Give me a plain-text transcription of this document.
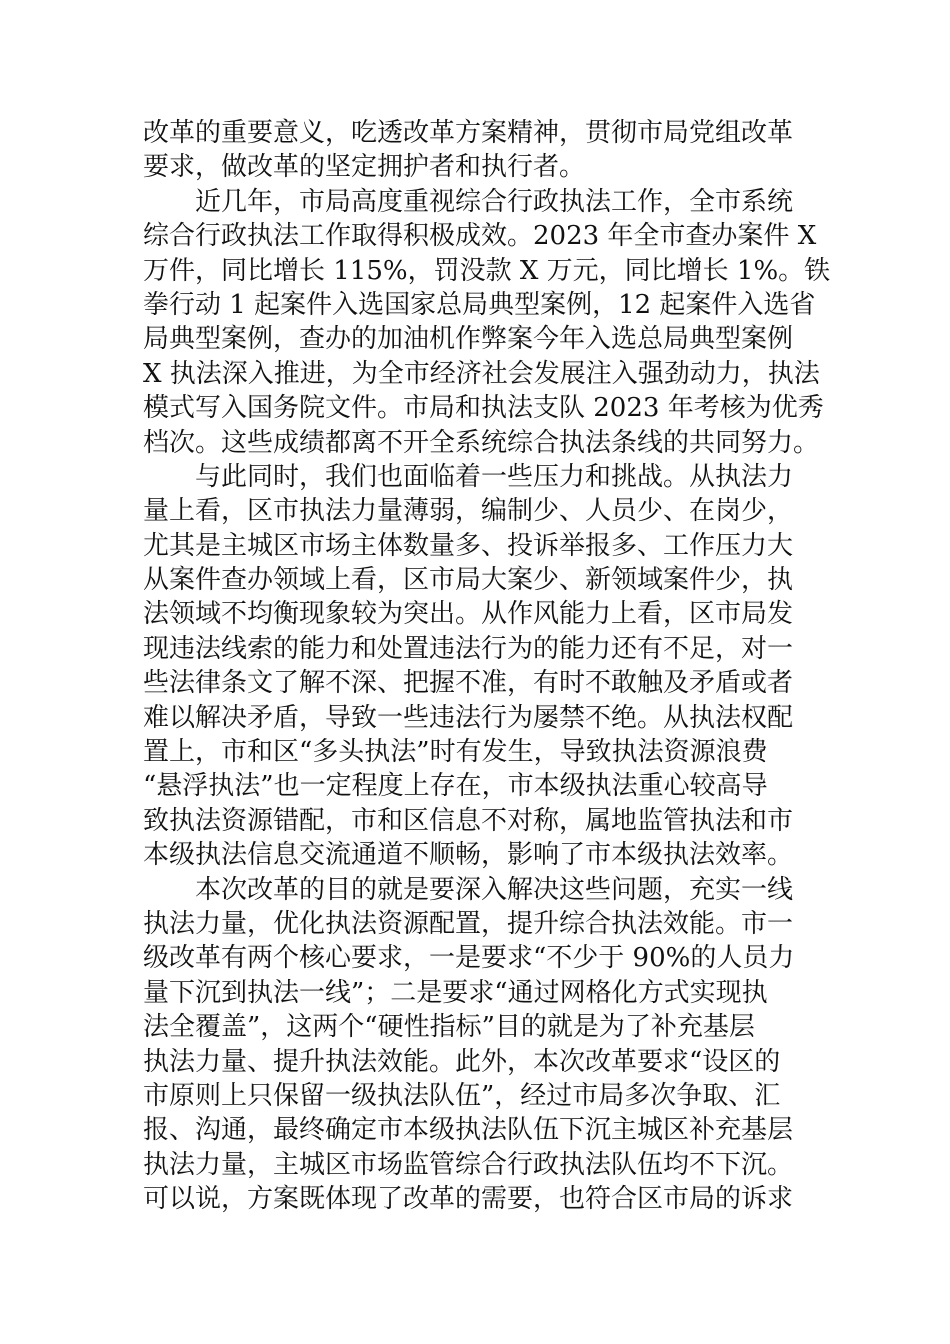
改革的重要意义，吃透改革方案精神，贯彻市局党组改革
要求，做改革的坚定拥护者和执行者。
近几年，市局高度重视综合行政执法工作，全市系统
综合行政执法工作取得积极成效。2023 年全市查办案件 X
万件，同比增长 115%，罚没款 X 万元，同比增长 1%。铁
拳行动 1 起案件入选国家总局典型案例，12 起案件入选省
局典型案例，查办的加油机作弊案今年入选总局典型案例
X 执法深入推进，为全市经济社会发展注入强劲动力，执法
模式写入国务院文件。市局和执法支队 2023 年考核为优秀
档次。这些成绩都离不开全系统综合执法条线的共同努力。
与此同时，我们也面临着一些压力和挑战。从执法力
量上看，区市执法力量薄弱，编制少、人员少、在岗少，
尤其是主城区市场主体数量多、投诉举报多、工作压力大
从案件查办领域上看，区市局大案少、新领域案件少，执
法领域不均衡现象较为突出。从作风能力上看，区市局发
现违法线索的能力和处置违法行为的能力还有不足，对一
些法律条文了解不深、把握不准，有时不敢触及矛盾或者
难以解决矛盾，导致一些违法行为屡禁不绝。从执法权配
置上，市和区“多头执法”时有发生，导致执法资源浪费
“悬浮执法”也一定程度上存在，市本级执法重心较高导
致执法资源错配，市和区信息不对称，属地监管执法和市
本级执法信息交流通道不顺畅，影响了市本级执法效率。
本次改革的目的就是要深入解决这些问题，充实一线
执法力量，优化执法资源配置，提升综合执法效能。市一
级改革有两个核心要求，一是要求“不少于 90%的人员力
量下沉到执法一线”；二是要求“通过网格化方式实现执
法全覆盖”，这两个“硬性指标”目的就是为了补充基层
执法力量、提升执法效能。此外，本次改革要求“设区的
市原则上只保留一级执法队伍”，经过市局多次争取、汇
报、沟通，最终确定市本级执法队伍下沉主城区补充基层
执法力量，主城区市场监管综合行政执法队伍均不下沉。
可以说，方案既体现了改革的需要，也符合区市局的诉求
